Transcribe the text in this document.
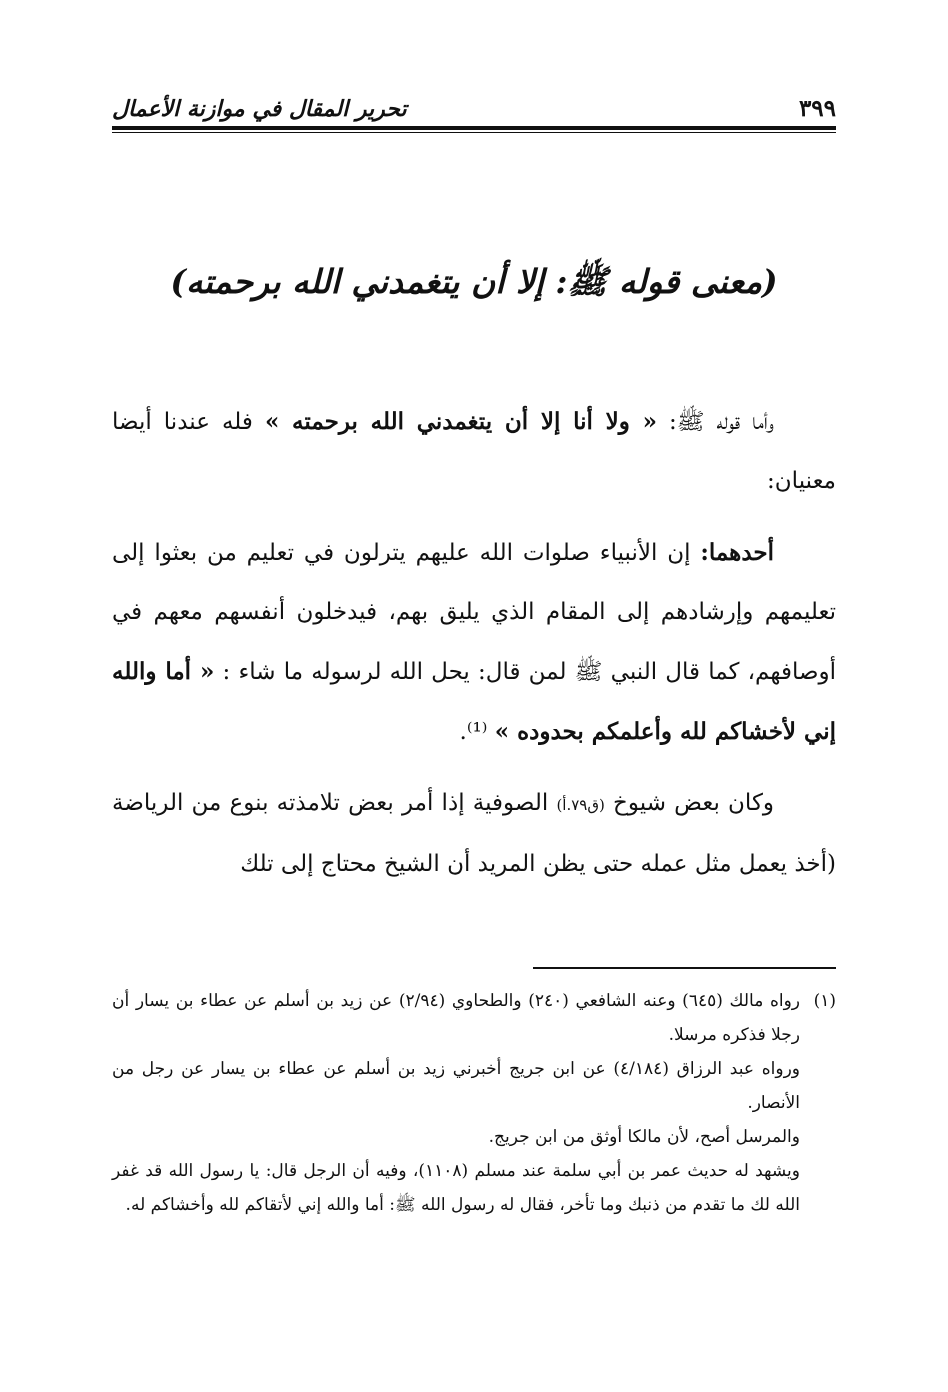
٣٩٩
تحرير المقال في موازنة الأعمال
(معنى قوله ﷺ: إلا أن يتغمدني الله برحمته)

وأما قوله ﷺ: « ولا أنا إلا أن يتغمدني الله برحمته » فله عندنا أيضا معنيان:

أحدهما: إن الأنبياء صلوات الله عليهم يترلون في تعليم من بعثوا إلى تعليمهم وإرشادهم إلى المقام الذي يليق بهم، فيدخلون أنفسهم معهم في أوصافهم، كما قال النبي ﷺ لمن قال: يحل الله لرسوله ما شاء : « أما والله إني لأخشاكم لله وأعلمكم بحدوده » ⁽¹⁾.

وكان بعض شيوخ (ق٧٩.أ) الصوفية إذا أمر بعض تلامذته بنوع من الرياضة (أخذ يعمل مثل عمله حتى يظن المريد أن الشيخ محتاج إلى تلك

(١)
رواه مالك (٦٤٥) وعنه الشافعي (٢٤٠) والطحاوي (٢/٩٤) عن زيد بن أسلم عن عطاء بن يسار أن رجلا فذكره مرسلا.
ورواه عبد الرزاق (٤/١٨٤) عن ابن جريج أخبرني زيد بن أسلم عن عطاء بن يسار عن رجل من الأنصار.
والمرسل أصح، لأن مالكا أوثق من ابن جريج.
ويشهد له حديث عمر بن أبي سلمة عند مسلم (١١٠٨)، وفيه أن الرجل قال: يا رسول الله قد غفر الله لك ما تقدم من ذنبك وما تأخر، فقال له رسول الله ﷺ: أما والله إني لأتقاكم لله وأخشاكم له.
